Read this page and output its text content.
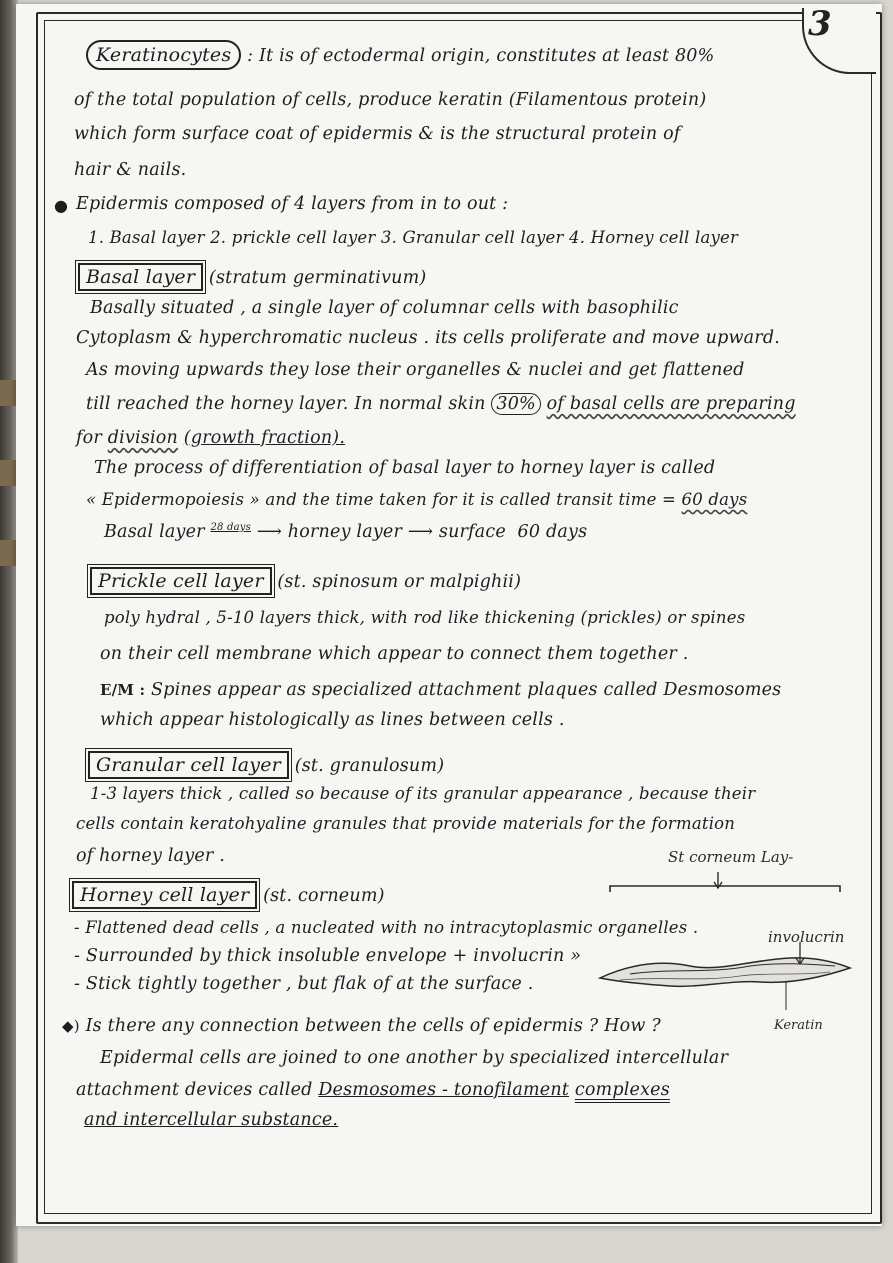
3
Keratinocytes : It is of ectodermal origin, constitutes at least 80%
of the total population of cells, produce keratin (Filamentous protein)
which form surface coat of epidermis & is the structural protein of
hair & nails.
● Epidermis composed of 4 layers from in to out :
1. Basal layer 2. prickle cell layer 3. Granular cell layer 4. Horney cell layer
Basal layer (stratum germinativum)
Basally situated , a single layer of columnar cells with basophilic
Cytoplasm & hyperchromatic nucleus . its cells proliferate and move upward.
As moving upwards they lose their organelles & nuclei and get flattened
till reached the horney layer. In normal skin 30% of basal cells are preparing
for division (growth fraction).
The process of differentiation of basal layer to horney layer is called
« Epidermopoiesis » and the time taken for it is called transit time = 60 days
Basal layer $^{28 days}$ ⟶ horney layer ⟶ surface 60 days
Prickle cell layer (st. spinosum or malpighii)
poly hydral , 5-10 layers thick, with rod like thickening (prickles) or spines
on their cell membrane which appear to connect them together .
E/M : Spines appear as specialized attachment plaques called Desmosomes
which appear histologically as lines between cells .
Granular cell layer (st. granulosum)
1-3 layers thick , called so because of its granular appearance , because their
cells contain keratohyaline granules that provide materials for the formation
of horney layer .
Horney cell layer (st. corneum)
- Flattened dead cells , a nucleated with no intracytoplasmic organelles .
- Surrounded by thick insoluble envelope + involucrin »
- Stick tightly together , but flak of at the surface .
St corneum Lay-
involucrin
Keratin
◆) Is there any connection between the cells of epidermis ? How ?
Epidermal cells are joined to one another by specialized intercellular
attachment devices called Desmosomes - tonofilament complexes
and intercellular substance.
